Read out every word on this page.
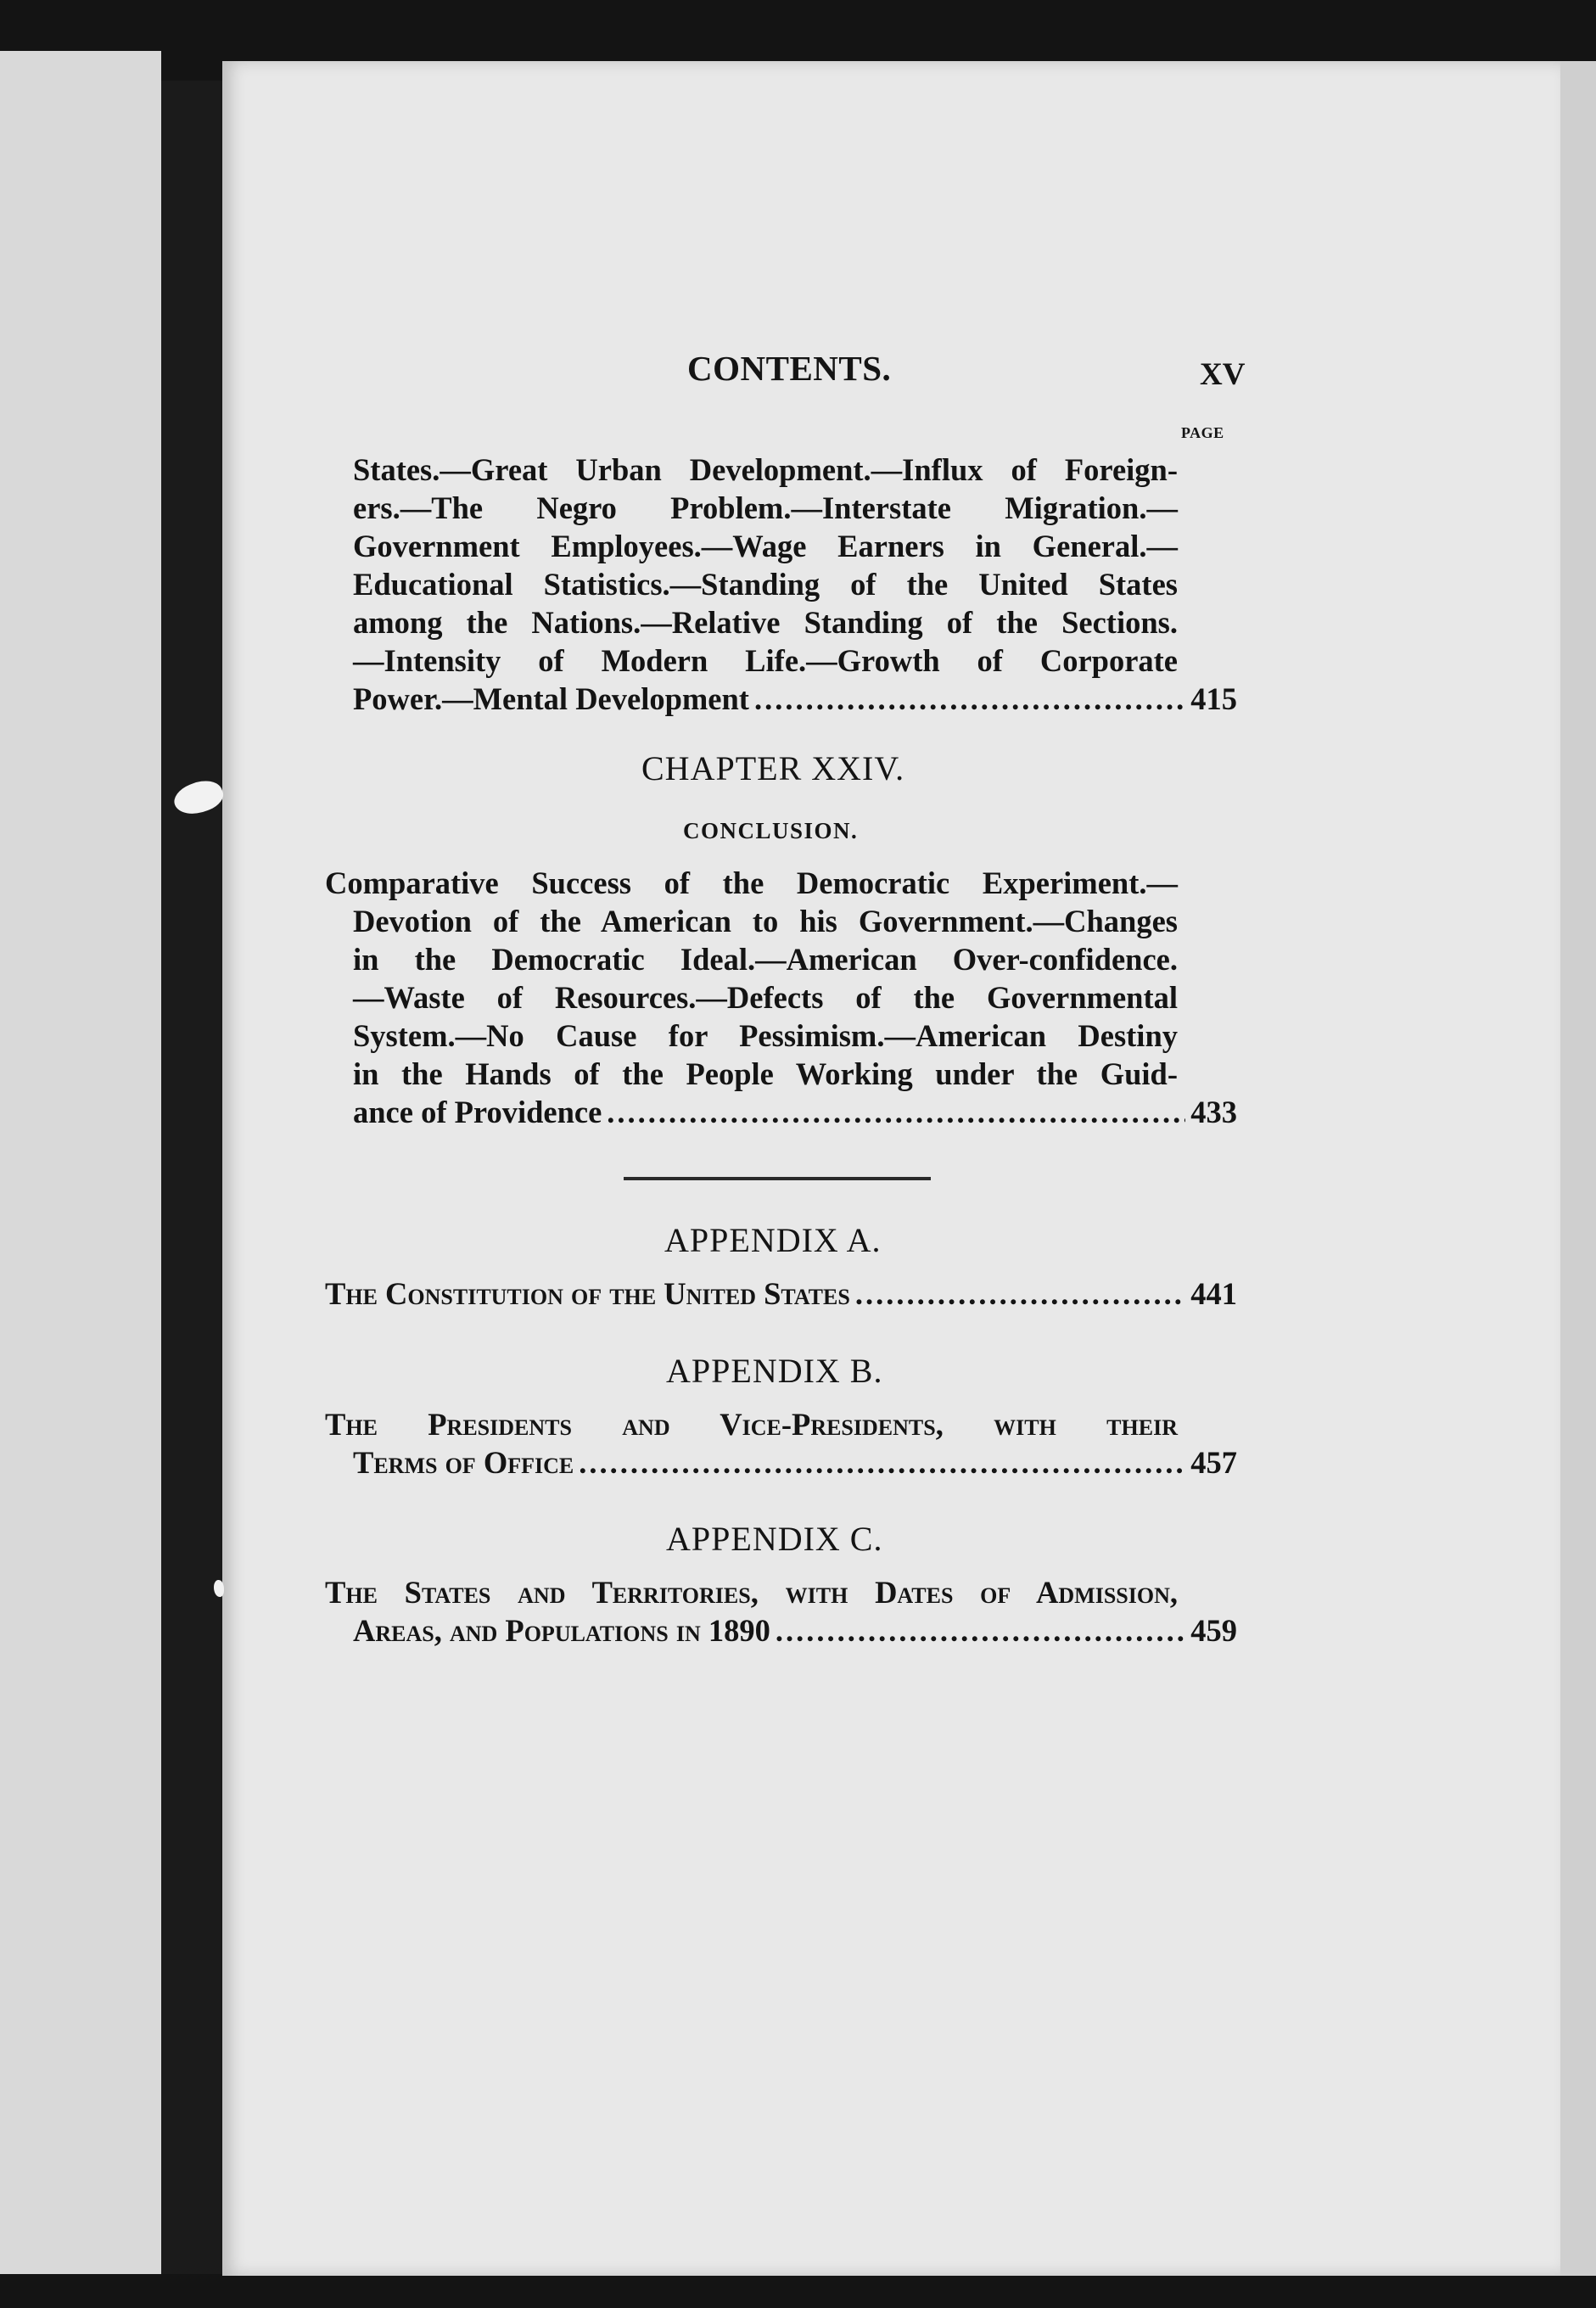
CONTENTS.	XV
PAGE
States.—Great Urban Development.—Influx of Foreign-
ers.—The Negro Problem.—Interstate Migration.—
Government Employees.—Wage Earners in General.—
Educational Statistics.—Standing of the United States
among the Nations.—Relative Standing of the Sections.
—Intensity of Modern Life.—Growth of Corporate
Power.—Mental Development .....	415
CHAPTER XXIV.
CONCLUSION.
Comparative Success of the Democratic Experiment.—
Devotion of the American to his Government.—Changes
in the Democratic Ideal.—American Over-confidence.
—Waste of Resources.—Defects of the Governmental
System.—No Cause for Pessimism.—American Destiny
in the Hands of the People Working under the Guid-
ance of Providence .....	433
APPENDIX A.
The Constitution of the United States .....	441
APPENDIX B.
The Presidents and Vice-Presidents, with their
Terms of Office .....	457
APPENDIX C.
The States and Territories, with Dates of Admission,
Areas, and Populations in 1890 .....	459
